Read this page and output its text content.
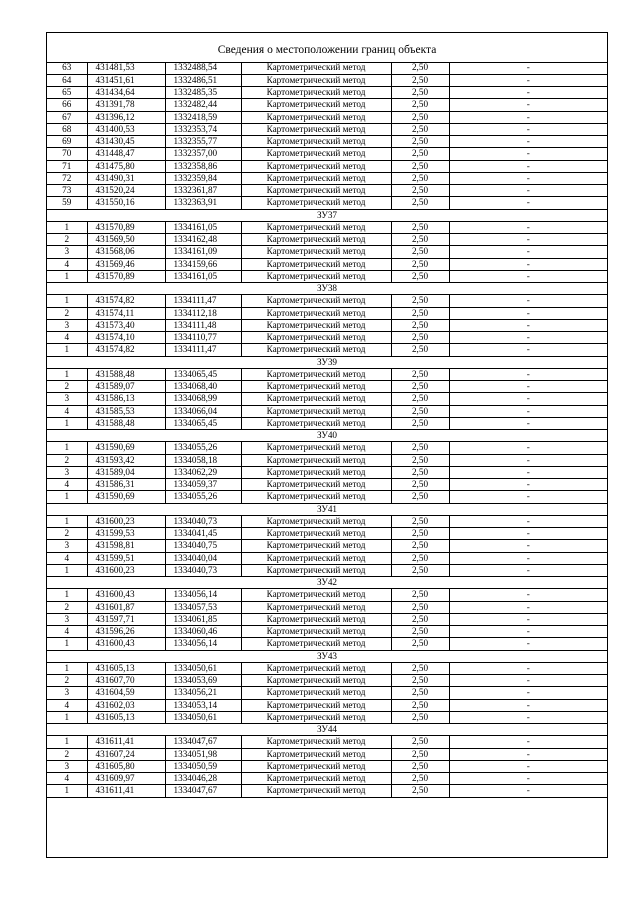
Сведения о местоположении границ объекта
63	431481,53	1332488,54	Картометрический метод	2,50	-
64	431451,61	1332486,51	Картометрический метод	2,50	-
65	431434,64	1332485,35	Картометрический метод	2,50	-
66	431391,78	1332482,44	Картометрический метод	2,50	-
67	431396,12	1332418,59	Картометрический метод	2,50	-
68	431400,53	1332353,74	Картометрический метод	2,50	-
69	431430,45	1332355,77	Картометрический метод	2,50	-
70	431448,47	1332357,00	Картометрический метод	2,50	-
71	431475,80	1332358,86	Картометрический метод	2,50	-
72	431490,31	1332359,84	Картометрический метод	2,50	-
73	431520,24	1332361,87	Картометрический метод	2,50	-
59	431550,16	1332363,91	Картометрический метод	2,50	-
ЗУ37					
1	431570,89	1334161,05	Картометрический метод	2,50	-
2	431569,50	1334162,48	Картометрический метод	2,50	-
3	431568,06	1334161,09	Картометрический метод	2,50	-
4	431569,46	1334159,66	Картометрический метод	2,50	-
1	431570,89	1334161,05	Картометрический метод	2,50	-
ЗУ38					
1	431574,82	1334111,47	Картометрический метод	2,50	-
2	431574,11	1334112,18	Картометрический метод	2,50	-
3	431573,40	1334111,48	Картометрический метод	2,50	-
4	431574,10	1334110,77	Картометрический метод	2,50	-
1	431574,82	1334111,47	Картометрический метод	2,50	-
ЗУ39					
1	431588,48	1334065,45	Картометрический метод	2,50	-
2	431589,07	1334068,40	Картометрический метод	2,50	-
3	431586,13	1334068,99	Картометрический метод	2,50	-
4	431585,53	1334066,04	Картометрический метод	2,50	-
1	431588,48	1334065,45	Картометрический метод	2,50	-
ЗУ40					
1	431590,69	1334055,26	Картометрический метод	2,50	-
2	431593,42	1334058,18	Картометрический метод	2,50	-
3	431589,04	1334062,29	Картометрический метод	2,50	-
4	431586,31	1334059,37	Картометрический метод	2,50	-
1	431590,69	1334055,26	Картометрический метод	2,50	-
ЗУ41					
1	431600,23	1334040,73	Картометрический метод	2,50	-
2	431599,53	1334041,45	Картометрический метод	2,50	-
3	431598,81	1334040,75	Картометрический метод	2,50	-
4	431599,51	1334040,04	Картометрический метод	2,50	-
1	431600,23	1334040,73	Картометрический метод	2,50	-
ЗУ42					
1	431600,43	1334056,14	Картометрический метод	2,50	-
2	431601,87	1334057,53	Картометрический метод	2,50	-
3	431597,71	1334061,85	Картометрический метод	2,50	-
4	431596,26	1334060,46	Картометрический метод	2,50	-
1	431600,43	1334056,14	Картометрический метод	2,50	-
ЗУ43					
1	431605,13	1334050,61	Картометрический метод	2,50	-
2	431607,70	1334053,69	Картометрический метод	2,50	-
3	431604,59	1334056,21	Картометрический метод	2,50	-
4	431602,03	1334053,14	Картометрический метод	2,50	-
1	431605,13	1334050,61	Картометрический метод	2,50	-
ЗУ44					
1	431611,41	1334047,67	Картометрический метод	2,50	-
2	431607,24	1334051,98	Картометрический метод	2,50	-
3	431605,80	1334050,59	Картометрический метод	2,50	-
4	431609,97	1334046,28	Картометрический метод	2,50	-
1	431611,41	1334047,67	Картометрический метод	2,50	-
